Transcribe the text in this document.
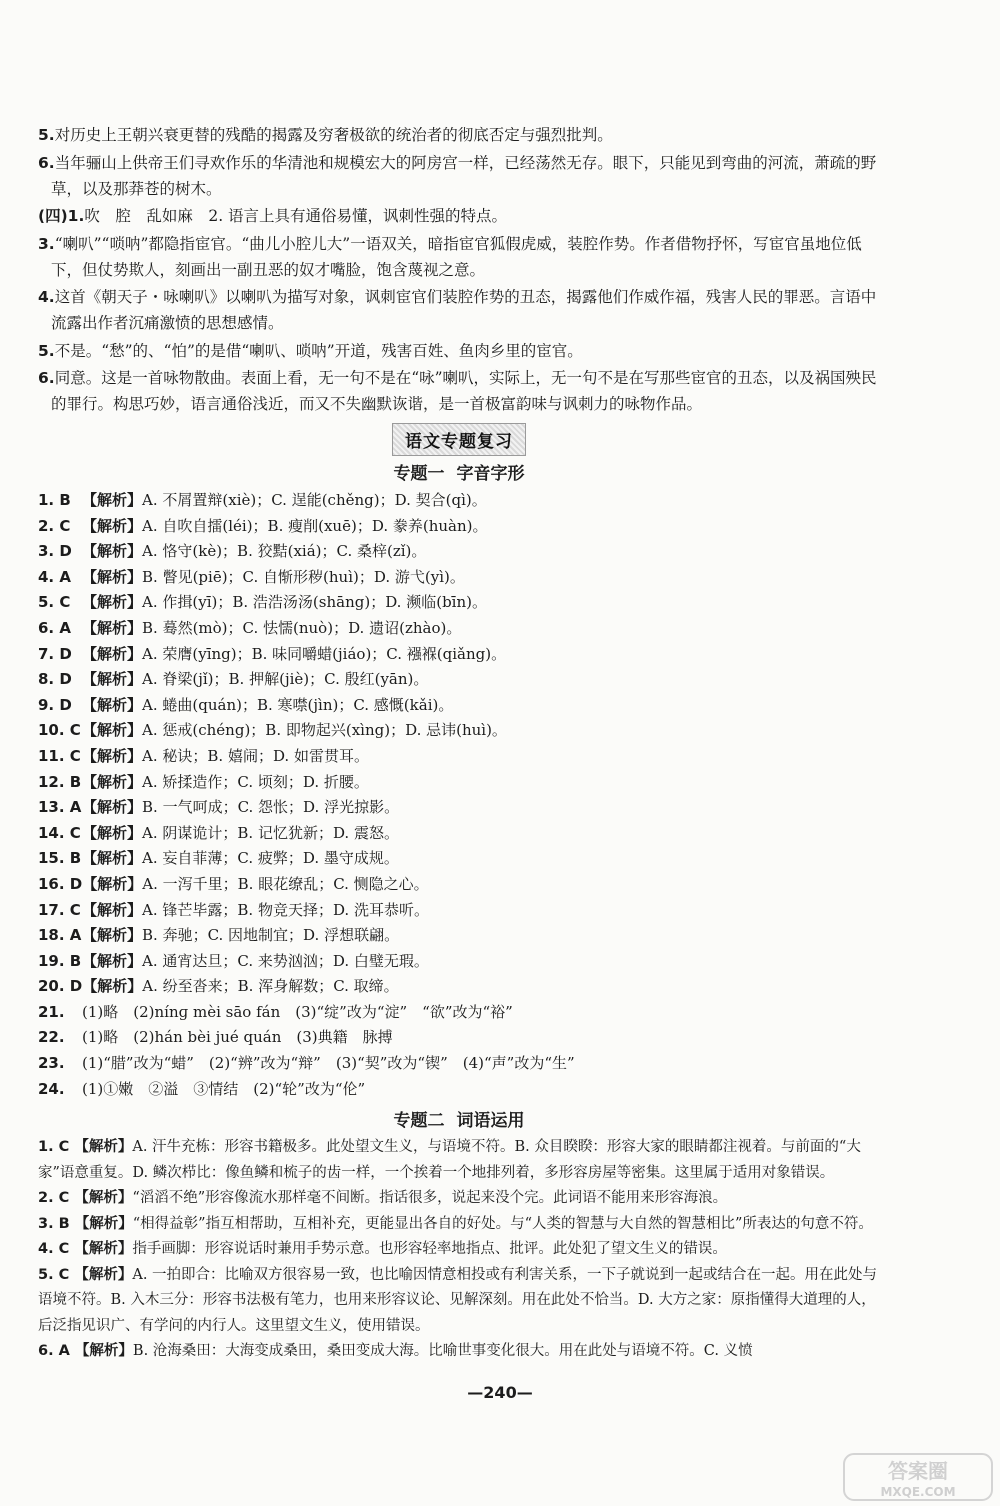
5.对历史上王朝兴衰更替的残酷的揭露及穷奢极欲的统治者的彻底否定与强烈批判。

6.当年骊山上供帝王们寻欢作乐的华清池和规模宏大的阿房宫一样，已经荡然无存。眼下，只能见到弯曲的河流，萧疏的野草，以及那莽苍的树木。

(四)1.吹　腔　乱如麻　2. 语言上具有通俗易懂，讽刺性强的特点。

3.“喇叭”“唢呐”都隐指宦官。“曲儿小腔儿大”一语双关，暗指宦官狐假虎威，装腔作势。作者借物抒怀，写宦官虽地位低下，但仗势欺人，刻画出一副丑恶的奴才嘴脸，饱含蔑视之意。

4.这首《朝天子・咏喇叭》以喇叭为描写对象，讽刺宦官们装腔作势的丑态，揭露他们作威作福，残害人民的罪恶。言语中流露出作者沉痛激愤的思想感情。

5.不是。“愁”的、“怕”的是借“喇叭、唢呐”开道，残害百姓、鱼肉乡里的宦官。

6.同意。这是一首咏物散曲。表面上看，无一句不是在“咏”喇叭，实际上，无一句不是在写那些宦官的丑态，以及祸国殃民的罪行。构思巧妙，语言通俗浅近，而又不失幽默诙谐，是一首极富韵味与讽刺力的咏物作品。

语文专题复习
专题一 字音字形

1. B 【解析】A. 不屑置辩(xiè)；C. 逞能(chěng)；D. 契合(qì)。

2. C 【解析】A. 自吹自擂(léi)；B. 瘦削(xuē)；D. 豢养(huàn)。

3. D 【解析】A. 恪守(kè)；B. 狡黠(xiá)；C. 桑梓(zǐ)。

4. A 【解析】B. 瞥见(piē)；C. 自惭形秽(huì)；D. 游弋(yì)。

5. C 【解析】A. 作揖(yī)；B. 浩浩汤汤(shāng)；D. 濒临(bīn)。

6. A 【解析】B. 蓦然(mò)；C. 怯懦(nuò)；D. 遗诏(zhào)。

7. D 【解析】A. 荣膺(yīng)；B. 味同嚼蜡(jiáo)；C. 襁褓(qiǎng)。

8. D 【解析】A. 脊梁(jǐ)；B. 押解(jiè)；C. 殷红(yān)。

9. D 【解析】A. 蜷曲(quán)；B. 寒噤(jìn)；C. 感慨(kǎi)。

10. C【解析】A. 惩戒(chéng)；B. 即物起兴(xìng)；D. 忌讳(huì)。

11. C【解析】A. 秘诀；B. 嬉闹；D. 如雷贯耳。

12. B【解析】A. 矫揉造作；C. 顷刻；D. 折腰。

13. A【解析】B. 一气呵成；C. 怨怅；D. 浮光掠影。

14. C【解析】A. 阴谋诡计；B. 记忆犹新；D. 震怒。

15. B【解析】A. 妄自菲薄；C. 疲弊；D. 墨守成规。

16. D【解析】A. 一泻千里；B. 眼花缭乱；C. 恻隐之心。

17. C【解析】A. 锋芒毕露；B. 物竞天择；D. 洗耳恭听。

18. A【解析】B. 奔驰；C. 因地制宜；D. 浮想联翩。

19. B【解析】A. 通宵达旦；C. 来势汹汹；D. 白璧无瑕。

20. D【解析】A. 纷至沓来；B. 浑身解数；C. 取缔。

21. (1)略　(2)nínɡ mèi sāo fán　(3)“绽”改为“淀”　“欲”改为“裕”

22. (1)略　(2)hán bèi jué quán　(3)典籍　脉搏

23. (1)“腊”改为“蜡”　(2)“辨”改为“辩”　(3)“契”改为“锲”　(4)“声”改为“生”

24. (1)①嫩　②溢　③情结　(2)“轮”改为“伦”

专题二 词语运用

1. C 【解析】A. 汗牛充栋：形容书籍极多。此处望文生义，与语境不符。B. 众目睽睽：形容大家的眼睛都注视着。与前面的“大家”语意重复。D. 鳞次栉比：像鱼鳞和梳子的齿一样，一个挨着一个地排列着，多形容房屋等密集。这里属于适用对象错误。

2. C 【解析】“滔滔不绝”形容像流水那样毫不间断。指话很多，说起来没个完。此词语不能用来形容海浪。

3. B 【解析】“相得益彰”指互相帮助，互相补充，更能显出各自的好处。与“人类的智慧与大自然的智慧相比”所表达的句意不符。

4. C 【解析】指手画脚：形容说话时兼用手势示意。也形容轻率地指点、批评。此处犯了望文生义的错误。

5. C 【解析】A. 一拍即合：比喻双方很容易一致，也比喻因情意相投或有利害关系，一下子就说到一起或结合在一起。用在此处与语境不符。B. 入木三分：形容书法极有笔力，也用来形容议论、见解深刻。用在此处不恰当。D. 大方之家：原指懂得大道理的人，后泛指见识广、有学问的内行人。这里望文生义，使用错误。

6. A 【解析】B. 沧海桑田：大海变成桑田，桑田变成大海。比喻世事变化很大。用在此处与语境不符。C. 义愤

—240—
答案圈
MXQE.COM
